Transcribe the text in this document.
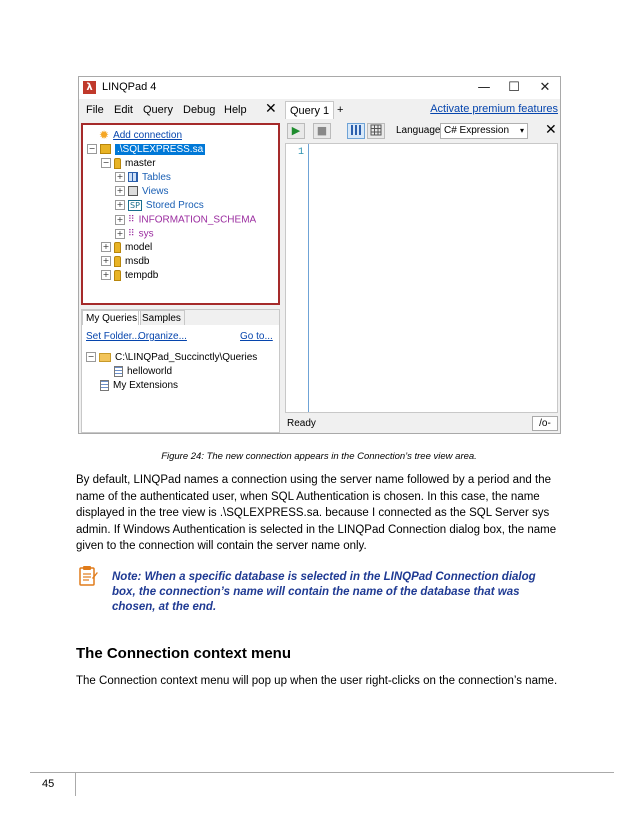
λ LINQPad 4	—	☐	✕
File Edit Query Debug Help ✕
✹ Add connection
− .\SQLEXPRESS.sa
− master
+ Tables
+ Views
+ SP Stored Procs
+ ⠿ INFORMATION_SCHEMA
+ ⠿ sys
+ model
+ msdb
+ tempdb
My Queries Samples
Set Folder...
Organize...	Go to...
− C:\LINQPad_Succinctly\Queries
helloworld
My Extensions
Query 1 +	Activate premium features
▶	■	Language C# Expression ▾ ✕
1
Ready	/o-
Figure 24: The new connection appears in the Connection’s tree view area.
By default, LINQPad names a connection using the server name followed by a period and the name of the authenticated user, when SQL Authentication is chosen. In this case, the name displayed in the tree view is .\SQLEXPRESS.sa. because I connected as the SQL Server sys admin. If Windows Authentication is selected in the LINQPad Connection dialog box, the name given to the connection will contain the server name only.
Note: When a specific database is selected in the LINQPad Connection dialog box, the connection’s name will contain the name of the database that was chosen, at the end.
The Connection context menu
The Connection context menu will pop up when the user right-clicks on the connection’s name.
45
